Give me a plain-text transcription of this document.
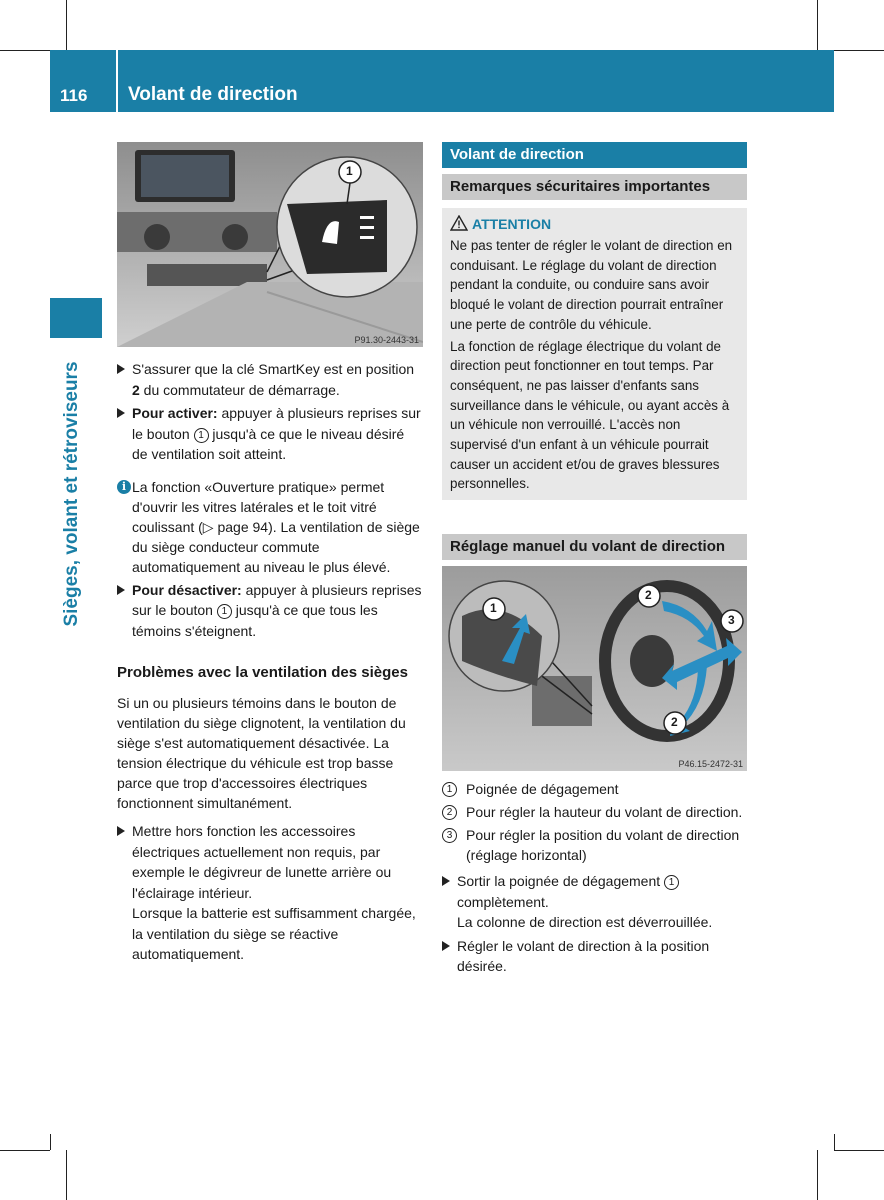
116 Volant de direction
Sièges, volant et rétroviseurs
1
P91.30-2443-31
S'assurer que la clé SmartKey est en position 2 du commutateur de démarrage.
Pour activer: appuyer à plusieurs reprises sur le bouton 1 jusqu'à ce que le niveau désiré de ventilation soit atteint.
i La fonction «Ouverture pratique» permet d'ouvrir les vitres latérales et le toit vitré coulissant (▷ page 94). La ventilation de siège du siège conducteur commute automatiquement au niveau le plus élevé.
Pour désactiver: appuyer à plusieurs reprises sur le bouton 1 jusqu'à ce que tous les témoins s'éteignent.
Problèmes avec la ventilation des sièges

Si un ou plusieurs témoins dans le bouton de ventilation du siège clignotent, la ventilation du siège s'est automatiquement désactivée. La tension électrique du véhicule est trop basse parce que trop d'accessoires électriques fonctionnent simultanément.

Mettre hors fonction les accessoires électriques actuellement non requis, par exemple le dégivreur de lunette arrière ou l'éclairage intérieur.
Lorsque la batterie est suffisamment chargée, la ventilation du siège se réactive automatiquement.
Volant de direction
Remarques sécuritaires importantes
ATTENTION

Ne pas tenter de régler le volant de direction en conduisant. Le réglage du volant de direction pendant la conduite, ou conduire sans avoir bloqué le volant de direction pourrait entraîner une perte de contrôle du véhicule.

La fonction de réglage électrique du volant de direction peut fonctionner en tout temps. Par conséquent, ne pas laisser d'enfants sans surveillance dans le véhicule, ou ayant accès à un véhicule non verrouillé. L'accès non supervisé d'un enfant à un véhicule pourrait causer un accident et/ou de graves blessures personnelles.

Réglage manuel du volant de direction
1
2
3
2
P46.15-2472-31
1 Poignée de dégagement
2 Pour régler la hauteur du volant de direction.
3 Pour régler la position du volant de direction (réglage horizontal)
Sortir la poignée de dégagement 1 complètement.
La colonne de direction est déverrouillée.
Régler le volant de direction à la position désirée.
